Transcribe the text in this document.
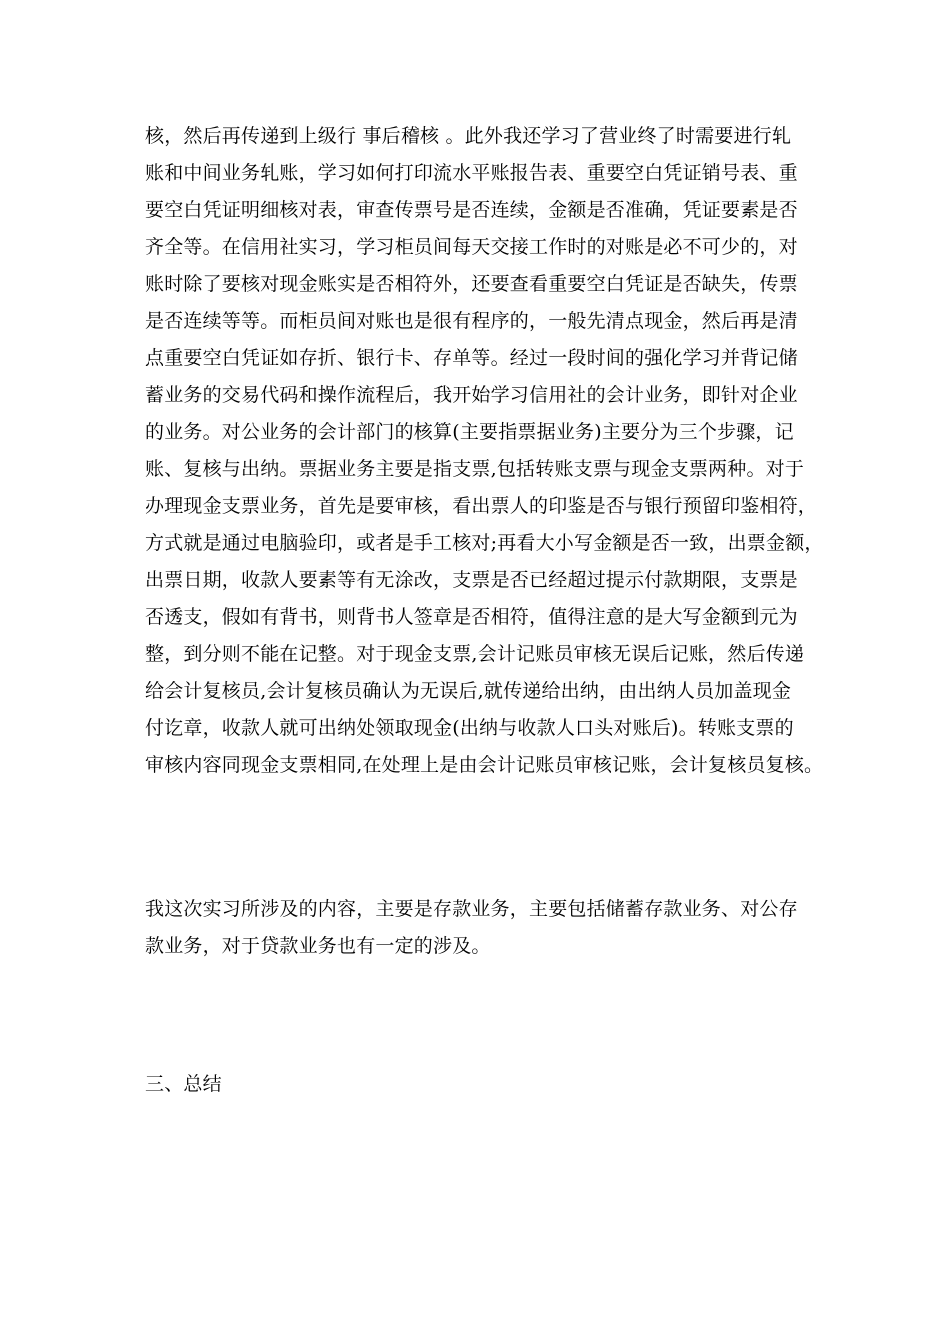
核，然后再传递到上级行 事后稽核 。此外我还学习了营业终了时需要进行轧
账和中间业务轧账，学习如何打印流水平账报告表、重要空白凭证销号表、重
要空白凭证明细核对表，审查传票号是否连续，金额是否准确，凭证要素是否
齐全等。在信用社实习，学习柜员间每天交接工作时的对账是必不可少的，对
账时除了要核对现金账实是否相符外，还要查看重要空白凭证是否缺失，传票
是否连续等等。而柜员间对账也是很有程序的，一般先清点现金，然后再是清
点重要空白凭证如存折、银行卡、存单等。经过一段时间的强化学习并背记储
蓄业务的交易代码和操作流程后，我开始学习信用社的会计业务，即针对企业
的业务。对公业务的会计部门的核算(主要指票据业务)主要分为三个步骤，记
账、复核与出纳。票据业务主要是指支票,包括转账支票与现金支票两种。对于
办理现金支票业务，首先是要审核，看出票人的印鉴是否与银行预留印鉴相符，
方式就是通过电脑验印，或者是手工核对;再看大小写金额是否一致，出票金额，
出票日期，收款人要素等有无涂改，支票是否已经超过提示付款期限，支票是
否透支，假如有背书，则背书人签章是否相符，值得注意的是大写金额到元为
整，到分则不能在记整。对于现金支票,会计记账员审核无误后记账，然后传递
给会计复核员,会计复核员确认为无误后,就传递给出纳，由出纳人员加盖现金
付讫章，收款人就可出纳处领取现金(出纳与收款人口头对账后)。转账支票的
审核内容同现金支票相同,在处理上是由会计记账员审核记账，会计复核员复核。
我这次实习所涉及的内容，主要是存款业务，主要包括储蓄存款业务、对公存
款业务，对于贷款业务也有一定的涉及。
三、总结
